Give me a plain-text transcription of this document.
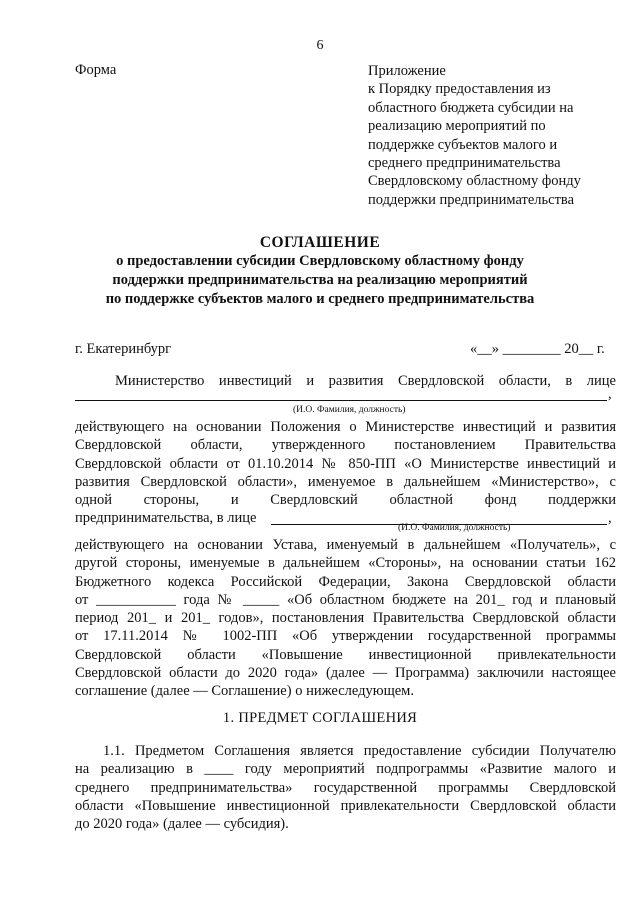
6
Форма	Приложение
к Порядку предоставления из
областного бюджета субсидии на
реализацию мероприятий по
поддержке субъектов малого и
среднего предпринимательства
Свердловскому областному фонду
поддержки предпринимательства
СОГЛАШЕНИЕ
о предоставлении субсидии Свердловскому областному фонду
поддержки предпринимательства на реализацию мероприятий
по поддержке субъектов малого и среднего предпринимательства
г. Екатеринбург	«__» ________ 20__ г.
Министерство инвестиций и развития Свердловской области, в лице
,
(И.О. Фамилия, должность)
действующего на основании Положения о Министерстве инвестиций и развития
Свердловской области, утвержденного постановлением Правительства
Свердловской области от 01.10.2014 № 850-ПП «О Министерстве инвестиций и
развития Свердловской области», именуемое в дальнейшем «Министерство», с
одной стороны, и Свердловский областной фонд поддержки
предпринимательства, в лице	,
(И.О. Фамилия, должность)
действующего на основании Устава, именуемый в дальнейшем «Получатель», с
другой стороны, именуемые в дальнейшем «Стороны», на основании статьи 162
Бюджетного кодекса Российской Федерации, Закона Свердловской области
от ___________ года № _____ «Об областном бюджете на 201_ год и плановый
период 201_ и 201_ годов», постановления Правительства Свердловской области
от 17.11.2014 № 1002-ПП «Об утверждении государственной программы
Свердловской области «Повышение инвестиционной привлекательности
Свердловской области до 2020 года» (далее — Программа) заключили настоящее
соглашение (далее — Соглашение) о нижеследующем.
1. ПРЕДМЕТ СОГЛАШЕНИЯ
1.1. Предметом Соглашения является предоставление субсидии Получателю
на реализацию в ____ году мероприятий подпрограммы «Развитие малого и
среднего предпринимательства» государственной программы Свердловской
области «Повышение инвестиционной привлекательности Свердловской области
до 2020 года» (далее — субсидия).
